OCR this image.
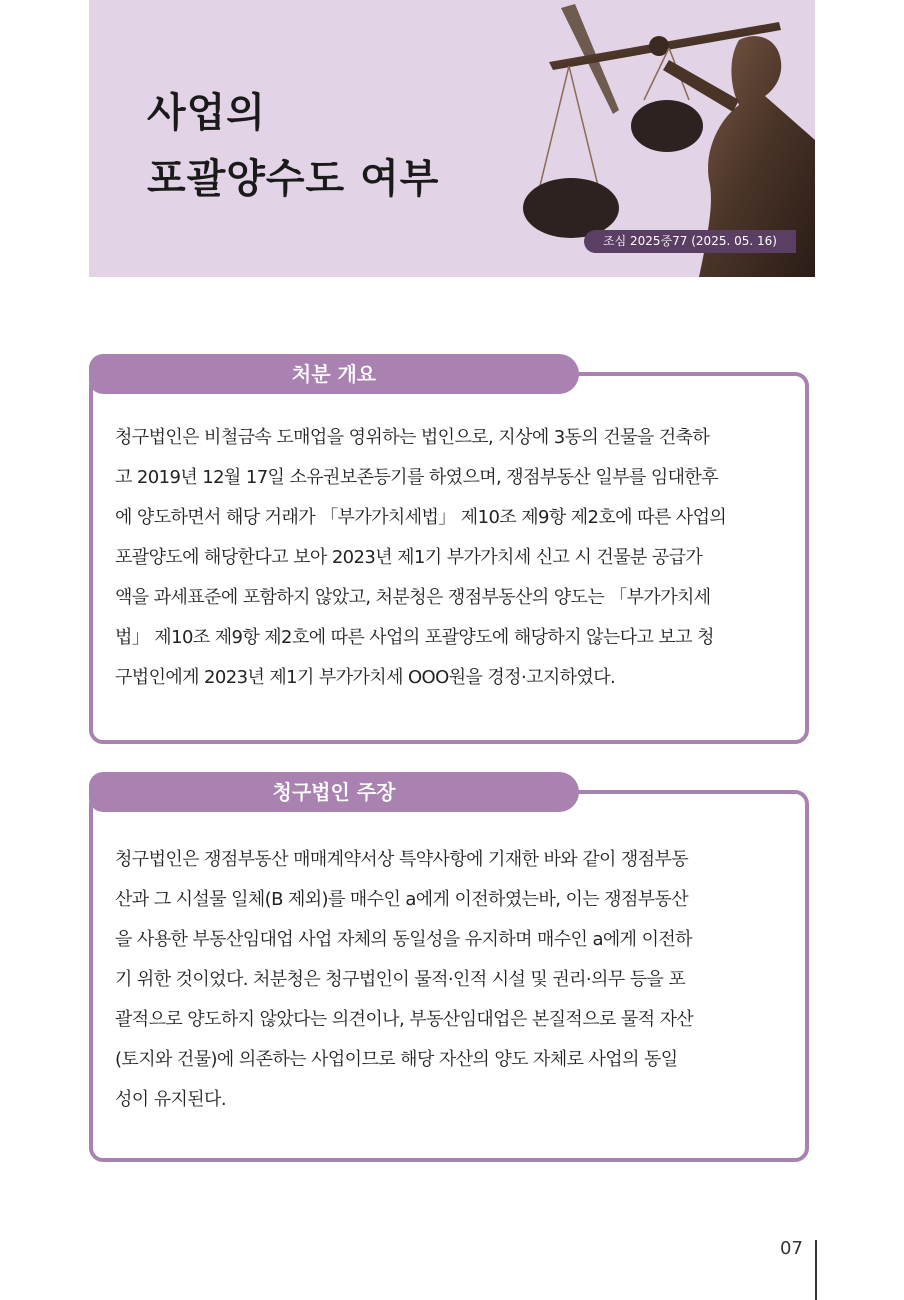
사업의
포괄양수도 여부
조심 2025중77 (2025. 05. 16)
처분 개요
청구법인은 비철금속 도매업을 영위하는 법인으로, 지상에 3동의 건물을 건축하
고 2019년 12월 17일 소유권보존등기를 하였으며, 쟁점부동산 일부를 임대한후
에 양도하면서 해당 거래가 「부가가치세법」 제10조 제9항 제2호에 따른 사업의
포괄양도에 해당한다고 보아 2023년 제1기 부가가치세 신고 시 건물분 공급가
액을 과세표준에 포함하지 않았고, 처분청은 쟁점부동산의 양도는 「부가가치세
법」 제10조 제9항 제2호에 따른 사업의 포괄양도에 해당하지 않는다고 보고 청
구법인에게 2023년 제1기 부가가치세 OOO원을 경정·고지하였다.
청구법인 주장
청구법인은 쟁점부동산 매매계약서상 특약사항에 기재한 바와 같이 쟁점부동
산과 그 시설물 일체(B 제외)를 매수인 a에게 이전하였는바, 이는 쟁점부동산
을 사용한 부동산임대업 사업 자체의 동일성을 유지하며 매수인 a에게 이전하
기 위한 것이었다. 처분청은 청구법인이 물적·인적 시설 및 권리·의무 등을 포
괄적으로 양도하지 않았다는 의견이나, 부동산임대업은 본질적으로 물적 자산
(토지와 건물)에 의존하는 사업이므로 해당 자산의 양도 자체로 사업의 동일
성이 유지된다.
07
